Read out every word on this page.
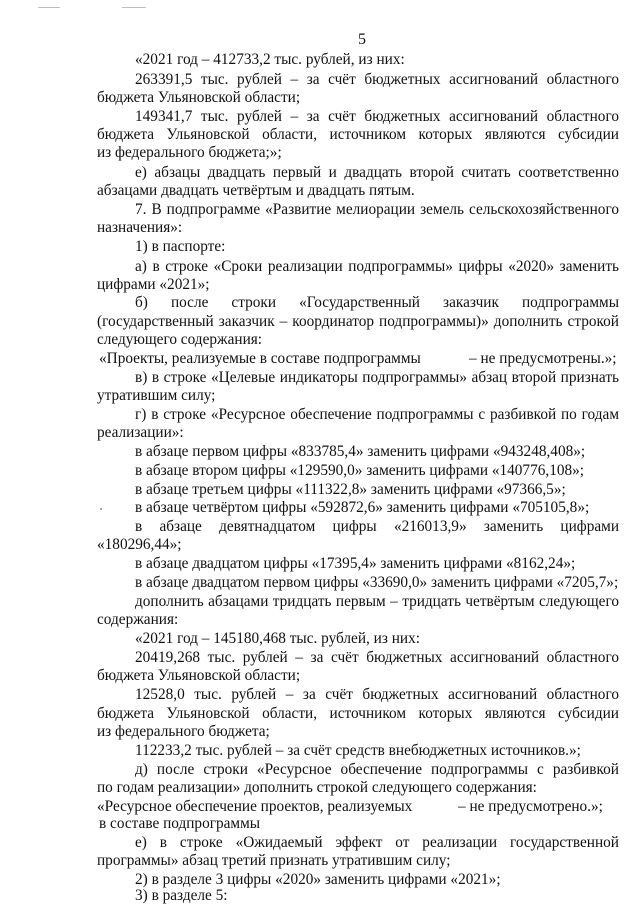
5
«2021 год – 412733,2 тыс. рублей, из них:
263391,5 тыс. рублей – за счёт бюджетных ассигнований областного
бюджета Ульяновской области;
149341,7 тыс. рублей – за счёт бюджетных ассигнований областного
бюджета Ульяновской области, источником которых являются субсидии
из федерального бюджета;»;
е) абзацы двадцать первый и двадцать второй считать соответственно
абзацами двадцать четвёртым и двадцать пятым.
7. В подпрограмме «Развитие мелиорации земель сельскохозяйственного
назначения»:
1) в паспорте:
а) в строке «Сроки реализации подпрограммы» цифры «2020» заменить
цифрами «2021»;
б) после строки «Государственный заказчик подпрограммы
(государственный заказчик – координатор подпрограммы)» дополнить строкой
следующего содержания:
«Проекты, реализуемые в составе подпрограммы	– не предусмотрены.»;
в) в строке «Целевые индикаторы подпрограммы» абзац второй признать
утратившим силу;
г) в строке «Ресурсное обеспечение подпрограммы с разбивкой по годам
реализации»:
в абзаце первом цифры «833785,4» заменить цифрами «943248,408»;
в абзаце втором цифры «129590,0» заменить цифрами «140776,108»;
в абзаце третьем цифры «111322,8» заменить цифрами «97366,5»;
в абзаце четвёртом цифры «592872,6» заменить цифрами «705105,8»;
в абзаце девятнадцатом цифры «216013,9» заменить цифрами
«180296,44»;
в абзаце двадцатом цифры «17395,4» заменить цифрами «8162,24»;
в абзаце двадцатом первом цифры «33690,0» заменить цифрами «7205,7»;
дополнить абзацами тридцать первым – тридцать четвёртым следующего
содержания:
«2021 год – 145180,468 тыс. рублей, из них:
20419,268 тыс. рублей – за счёт бюджетных ассигнований областного
бюджета Ульяновской области;
12528,0 тыс. рублей – за счёт бюджетных ассигнований областного
бюджета Ульяновской области, источником которых являются субсидии
из федерального бюджета;
112233,2 тыс. рублей – за счёт средств внебюджетных источников.»;
д) после строки «Ресурсное обеспечение подпрограммы с разбивкой
по годам реализации» дополнить строкой следующего содержания:
«Ресурсное обеспечение проектов, реализуемых	– не предусмотрено.»;
в составе подпрограммы
е) в строке «Ожидаемый эффект от реализации государственной
программы» абзац третий признать утратившим силу;
2) в разделе 3 цифры «2020» заменить цифрами «2021»;
3) в разделе 5:
